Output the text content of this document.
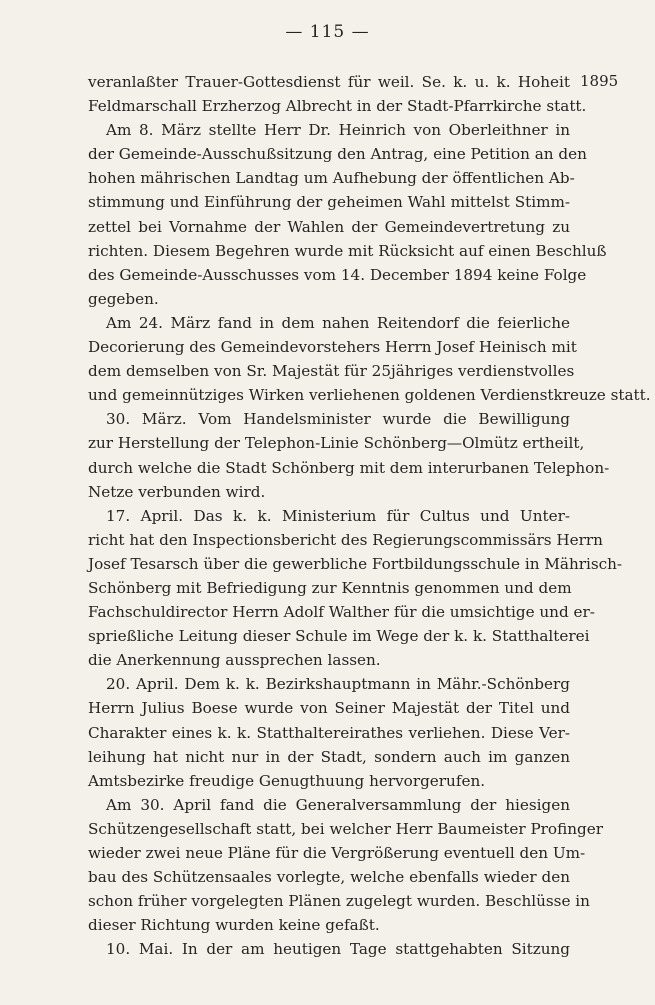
— 115 —
1895
veranlaßter Trauer-Gottesdienst für weil. Se. k. u. k. Hoheit
Feldmarschall Erzherzog Albrecht in der Stadt-Pfarrkirche statt.
Am 8. März stellte Herr Dr. Heinrich von Oberleithner in
der Gemeinde-Ausschußsitzung den Antrag, eine Petition an den
hohen mährischen Landtag um Aufhebung der öffentlichen Ab-
stimmung und Einführung der geheimen Wahl mittelst Stimm-
zettel bei Vornahme der Wahlen der Gemeindevertretung zu
richten. Diesem Begehren wurde mit Rücksicht auf einen Beschluß
des Gemeinde-Ausschusses vom 14. December 1894 keine Folge
gegeben.
Am 24. März fand in dem nahen Reitendorf die feierliche
Decorierung des Gemeindevorstehers Herrn Josef Heinisch mit
dem demselben von Sr. Majestät für 25jähriges verdienstvolles
und gemeinnütziges Wirken verliehenen goldenen Verdienstkreuze statt.
30. März. Vom Handelsminister wurde die Bewilligung
zur Herstellung der Telephon-Linie Schönberg—Olmütz ertheilt,
durch welche die Stadt Schönberg mit dem interurbanen Telephon-
Netze verbunden wird.
17. April. Das k. k. Ministerium für Cultus und Unter-
richt hat den Inspectionsbericht des Regierungscommissärs Herrn
Josef Tesarsch über die gewerbliche Fortbildungsschule in Mährisch-
Schönberg mit Befriedigung zur Kenntnis genommen und dem
Fachschuldirector Herrn Adolf Walther für die umsichtige und er-
sprießliche Leitung dieser Schule im Wege der k. k. Statthalterei
die Anerkennung aussprechen lassen.
20. April. Dem k. k. Bezirkshauptmann in Mähr.-Schönberg
Herrn Julius Boese wurde von Seiner Majestät der Titel und
Charakter eines k. k. Statthaltereirathes verliehen. Diese Ver-
leihung hat nicht nur in der Stadt, sondern auch im ganzen
Amtsbezirke freudige Genugthuung hervorgerufen.
Am 30. April fand die Generalversammlung der hiesigen
Schützengesellschaft statt, bei welcher Herr Baumeister Profinger
wieder zwei neue Pläne für die Vergrößerung eventuell den Um-
bau des Schützensaales vorlegte, welche ebenfalls wieder den
schon früher vorgelegten Plänen zugelegt wurden. Beschlüsse in
dieser Richtung wurden keine gefaßt.
10. Mai. In der am heutigen Tage stattgehabten Sitzung
